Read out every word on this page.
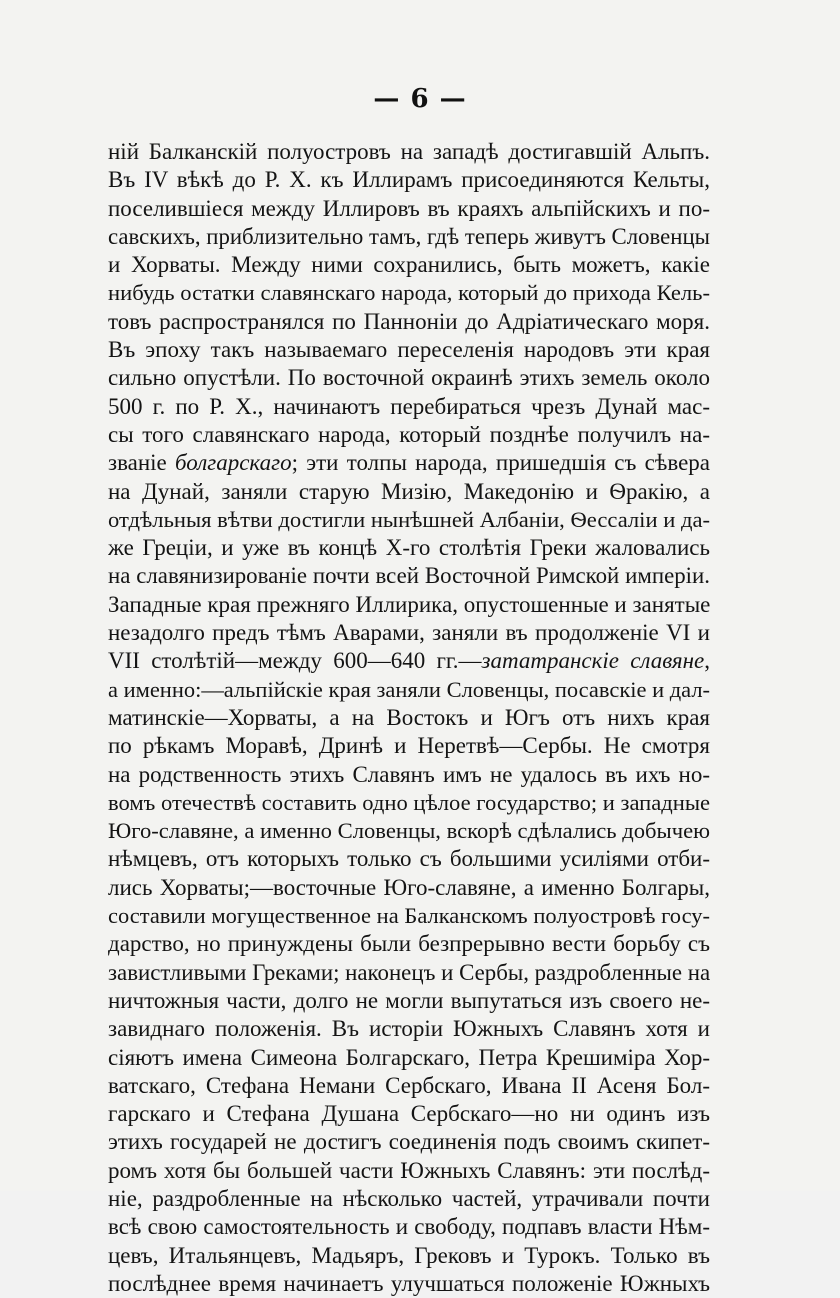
— 6 —
ній Балканскій полуостровъ на западѣ достигавшій Альпъ.
Въ IV вѣкѣ до Р. Х. къ Иллирамъ присоединяются Кельты,
поселившіеся между Иллировъ въ краяхъ альпійскихъ и по-
савскихъ, приблизительно тамъ, гдѣ теперь живутъ Словенцы
и Хорваты. Между ними сохранились, быть можетъ, какіе
нибудь остатки славянскаго народа, который до прихода Кель-
товъ распространялся по Панноніи до Адріатическаго моря.
Въ эпоху такъ называемаго переселенія народовъ эти края
сильно опустѣли. По восточной окраинѣ этихъ земель около
500 г. по Р. Х., начинаютъ перебираться чрезъ Дунай мас-
сы того славянскаго народа, который позднѣе получилъ на-
званіе болгарскаго; эти толпы народа, пришедшія съ сѣвера
на Дунай, заняли старую Мизію, Македонію и Ѳракію, а
отдѣльныя вѣтви достигли нынѣшней Албаніи, Ѳессаліи и да-
же Греціи, и уже въ концѣ X-го столѣтія Греки жаловались
на славянизированіе почти всей Восточной Римской имперіи.
Западные края прежняго Иллирика, опустошенные и занятые
незадолго предъ тѣмъ Аварами, заняли въ продолженіе VI и
VII столѣтій—между 600—640 гг.—зататранскіе славяне,
а именно:—альпійскіе края заняли Словенцы, посавскіе и дал-
матинскіе—Хорваты, а на Востокъ и Югъ отъ нихъ края
по рѣкамъ Моравѣ, Дринѣ и Неретвѣ—Сербы. Не смотря
на родственность этихъ Славянъ имъ не удалось въ ихъ но-
вомъ отечествѣ составить одно цѣлое государство; и западные
Юго-славяне, а именно Словенцы, вскорѣ сдѣлались добычею
нѣмцевъ, отъ которыхъ только съ большими усиліями отби-
лись Хорваты;—восточные Юго-славяне, а именно Болгары,
составили могущественное на Балканскомъ полуостровѣ госу-
дарство, но принуждены были безпрерывно вести борьбу съ
завистливыми Греками; наконецъ и Сербы, раздробленные на
ничтожныя части, долго не могли выпутаться изъ своего не-
завиднаго положенія. Въ исторіи Южныхъ Славянъ хотя и
сіяютъ имена Симеона Болгарскаго, Петра Крешиміра Хор-
ватскаго, Стефана Немани Сербскаго, Ивана II Асеня Бол-
гарскаго и Стефана Душана Сербскаго—но ни одинъ изъ
этихъ государей не достигъ соединенія подъ своимъ скипет-
ромъ хотя бы большей части Южныхъ Славянъ: эти послѣд-
ніе, раздробленные на нѣсколько частей, утрачивали почти
всѣ свою самостоятельность и свободу, подпавъ власти Нѣм-
цевъ, Итальянцевъ, Мадьяръ, Грековъ и Турокъ. Только въ
послѣднее время начинаетъ улучшаться положеніе Южныхъ
